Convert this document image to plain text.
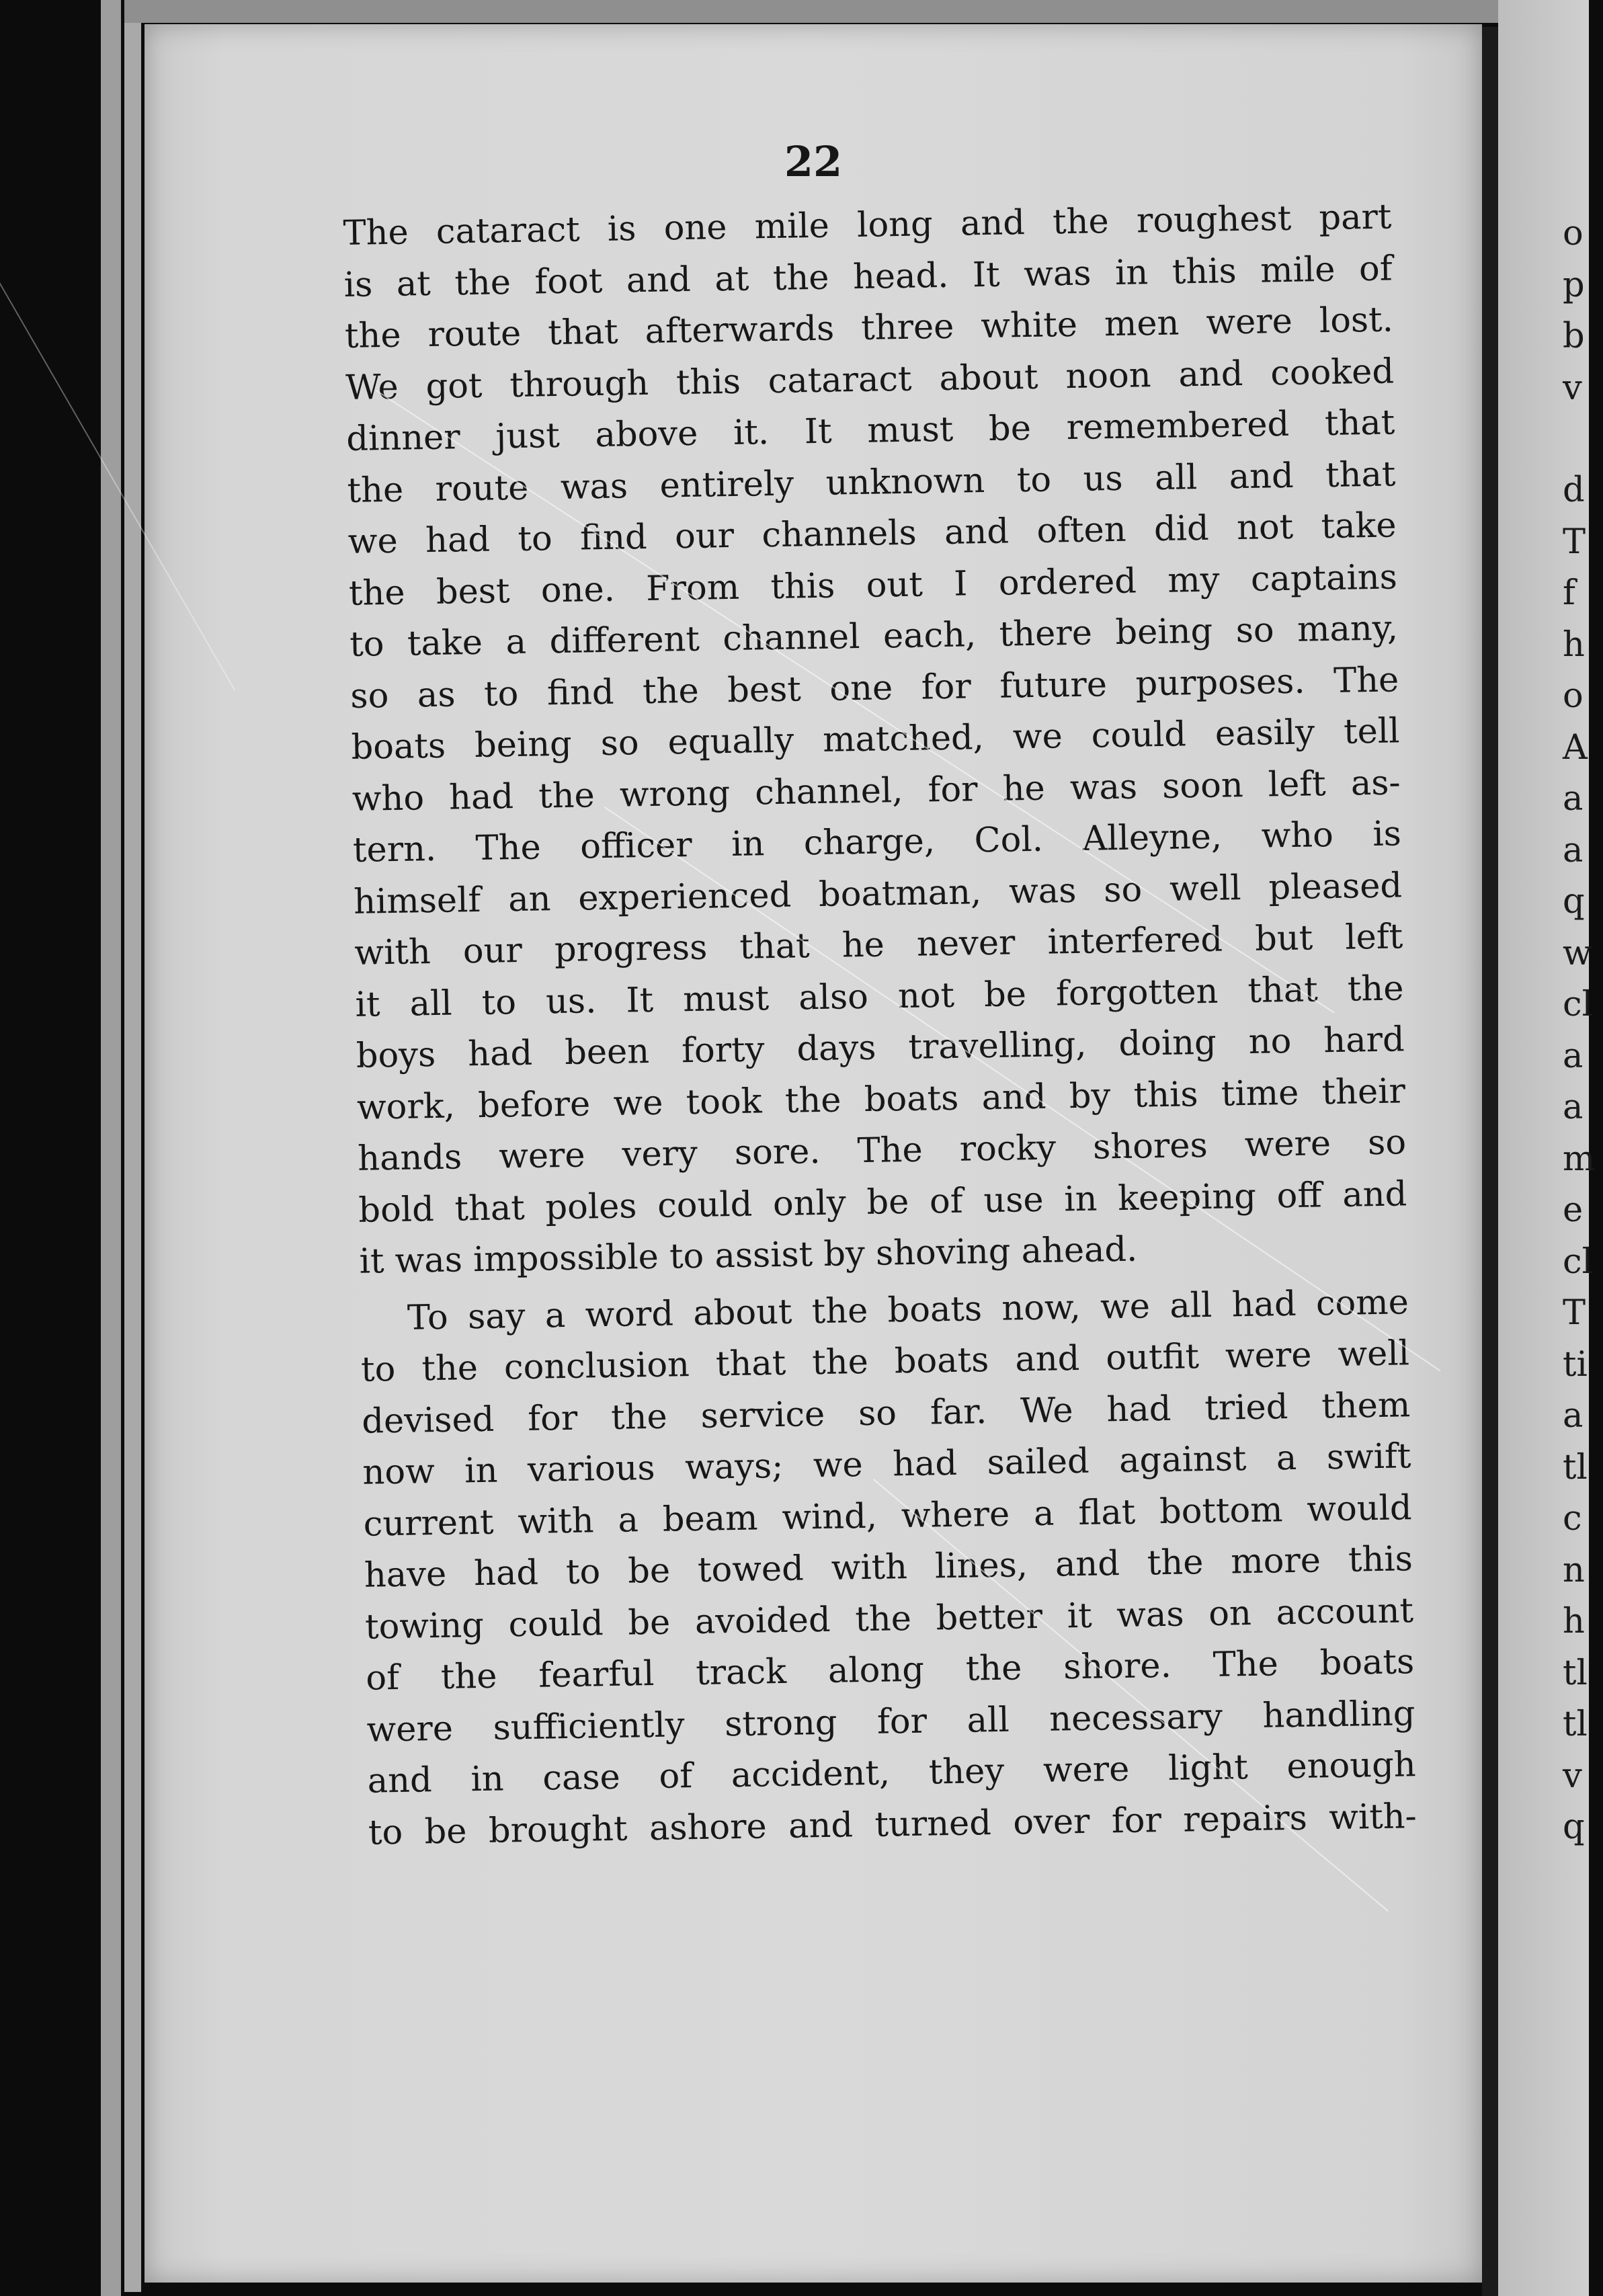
22
The cataract is one mile long and the roughest part
is at the foot and at the head. It was in this mile of
the route that afterwards three white men were lost.
We got through this cataract about noon and cooked
dinner just above it. It must be remembered that
the route was entirely unknown to us all and that
we had to find our channels and often did not take
the best one. From this out I ordered my captains
to take a different channel each, there being so many,
so as to find the best one for future purposes. The
boats being so equally matched, we could easily tell
who had the wrong channel, for he was soon left as-
tern. The officer in charge, Col. Alleyne, who is
himself an experienced boatman, was so well pleased
with our progress that he never interfered but left
it all to us. It must also not be forgotten that the
boys had been forty days travelling, doing no hard
work, before we took the boats and by this time their
hands were very sore. The rocky shores were so
bold that poles could only be of use in keeping off and
it was impossible to assist by shoving ahead.
To say a word about the boats now, we all had come
to the conclusion that the boats and outfit were well
devised for the service so far. We had tried them
now in various ways; we had sailed against a swift
current with a beam wind, where a flat bottom would
have had to be towed with lines, and the more this
towing could be avoided the better it was on account
of the fearful track along the shore. The boats
were sufficiently strong for all necessary handling
and in case of accident, they were light enough
to be brought ashore and turned over for repairs with-
o
p
b
v
d
T
f
h
o
A
a
a
q
w
cl
a
a
m
e
cl
T
ti
a
tl
c
n
h
tl
tl
v
q
